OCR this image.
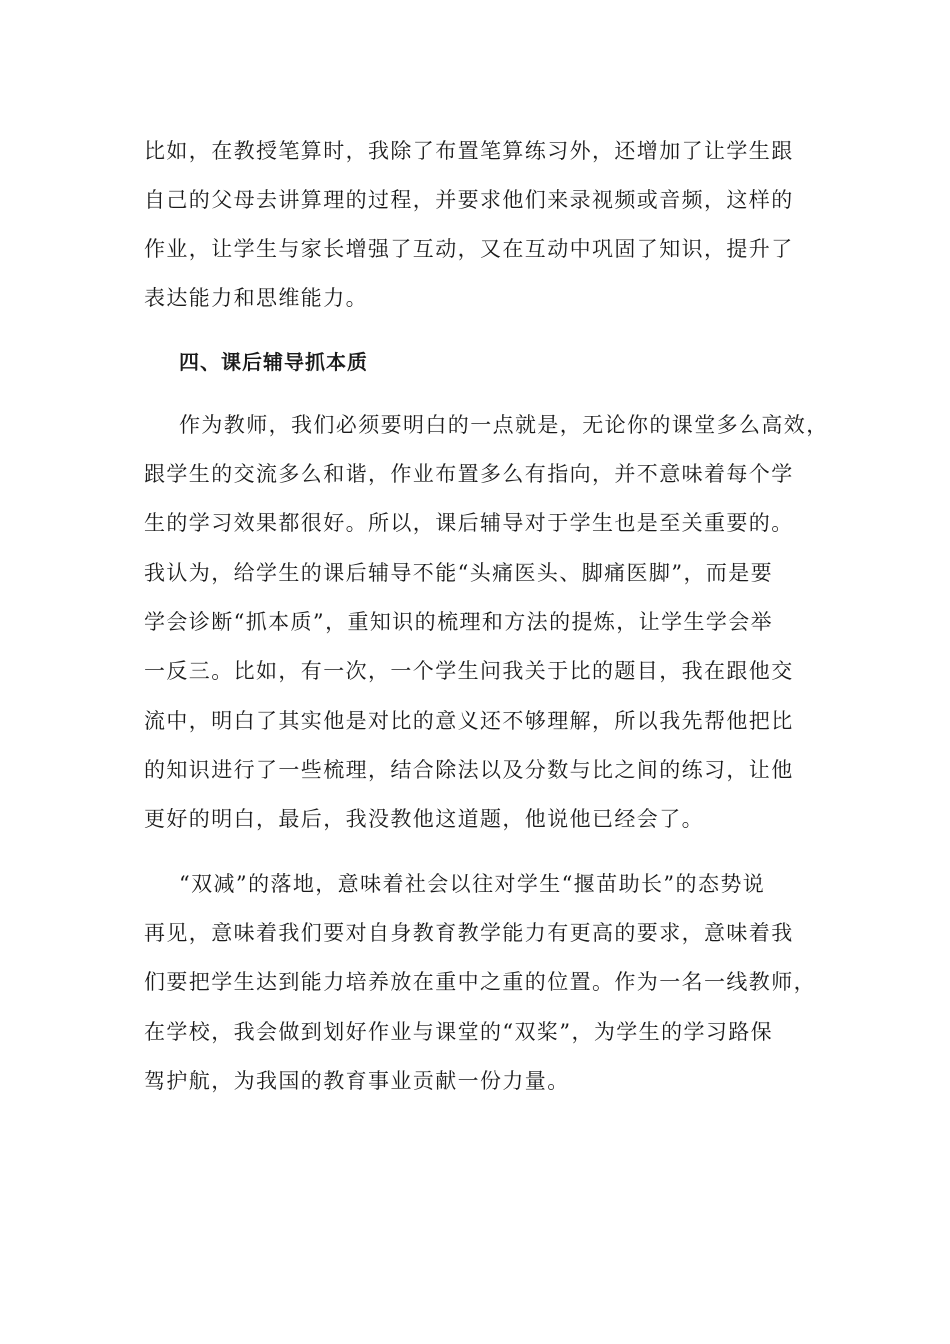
比如，在教授笔算时，我除了布置笔算练习外，还增加了让学生跟
自己的父母去讲算理的过程，并要求他们来录视频或音频，这样的
作业，让学生与家长增强了互动，又在互动中巩固了知识，提升了
表达能力和思维能力。
四、课后辅导抓本质
作为教师，我们必须要明白的一点就是，无论你的课堂多么高效，
跟学生的交流多么和谐，作业布置多么有指向，并不意味着每个学
生的学习效果都很好。所以，课后辅导对于学生也是至关重要的。
我认为，给学生的课后辅导不能“头痛医头、脚痛医脚”，而是要
学会诊断“抓本质”，重知识的梳理和方法的提炼，让学生学会举
一反三。比如，有一次，一个学生问我关于比的题目，我在跟他交
流中，明白了其实他是对比的意义还不够理解，所以我先帮他把比
的知识进行了一些梳理，结合除法以及分数与比之间的练习，让他
更好的明白，最后，我没教他这道题，他说他已经会了。
“双减”的落地，意味着社会以往对学生“揠苗助长”的态势说
再见，意味着我们要对自身教育教学能力有更高的要求，意味着我
们要把学生达到能力培养放在重中之重的位置。作为一名一线教师，
在学校，我会做到划好作业与课堂的“双桨”，为学生的学习路保
驾护航，为我国的教育事业贡献一份力量。
